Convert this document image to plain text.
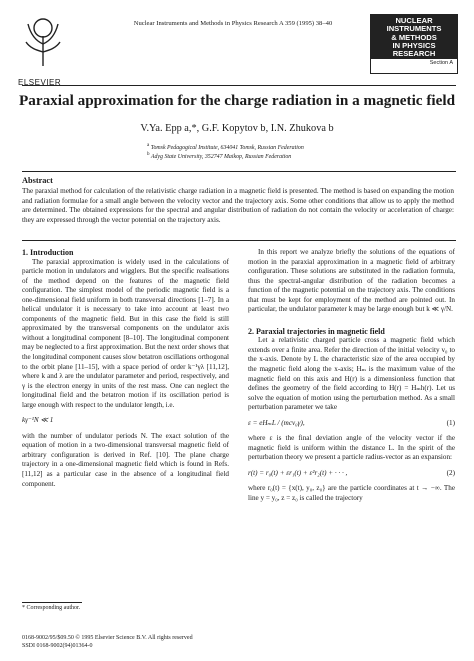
ELSEVIER
Nuclear Instruments and Methods in Physics Research A 359 (1995) 38–40	NUCLEAR
INSTRUMENTS
& METHODS
IN PHYSICS
RESEARCH
Section A
Paraxial approximation for the charge radiation in a magnetic field
V.Ya. Epp a,*, G.F. Kopytov b, I.N. Zhukova b
$^a$ Tomsk Pedagogical Institute, 634041 Tomsk, Russian Federation
$^b$ Adyg State University, 352747 Maikop, Russian Federation
Abstract
The paraxial method for calculation of the relativistic charge radiation in a magnetic field is presented. The method is based on expanding the motion and radiation formulae for a small angle between the velocity vector and the trajectory axis. Some other conditions that allow us to apply the method are determined. The obtained expressions for the spectral and angular distribution of radiation do not contain the velocity or acceleration of charge: they are expressed through the vector potential on the trajectory axis.

1. Introduction

The paraxial approximation is widely used in the calculations of particle motion in undulators and wigglers. But the specific realisations of the method depend on the features of the magnetic field configuration. The simplest model of the periodic magnetic field is a one-dimensional field uniform in both transversal directions [1–7]. In a helical undulator it is necessary to take into account at least two components of the magnetic field. But in this case the field is still approximated by the transversal components on the undulator axis without a longitudinal component [8–10]. The longitudinal component may be neglected to a first approximation. But the next order shows that the longitudinal component causes slow betatron oscillations orthogonal to the orbit plane [11–15], with a space period of order k⁻¹γλ [11,12], where k and λ are the undulator parameter and period, respectively, and γ is the electron energy in units of the rest mass. One can neglect the longitudinal field and the betatron motion if its oscillation period is large enough with respect to the undulator length, i.e.

kγ⁻¹N ≪ 1

with the number of undulator periods N. The exact solution of the equation of motion in a two-dimensional transversal magnetic field of arbitrary configuration is derived in Ref. [10]. The plane charge trajectory in a one-dimensional magnetic field which is found in Refs. [11,12] as a particular case in the absence of a longitudinal field component.

In this report we analyze briefly the solutions of the equations of motion in the paraxial approximation in a magnetic field of arbitrary configuration. These solutions are substituted in the radiation formula, thus the spectral-angular distribution of the radiation becomes a function of the magnetic potential on the trajectory axis. The conditions that must be kept for employment of the method are pointed out. In particular, the undulator parameter k may be large enough but k ≪ γ/N.

2. Paraxial trajectories in magnetic field

Let a relativistic charged particle cross a magnetic field which extends over a finite area. Refer the direction of the initial velocity v₀ to the x-axis. Denote by L the characteristic size of the area occupied by the magnetic field along the x-axis; Hₘ is the maximum value of the magnetic field on this axis and H(r) is a dimensionless function that defines the geometry of the field according to H(r) = Hₘh(r). Let us solve the equation of motion using the perturbation method. As a small perturbation parameter we take

ε = eHₘL / (mcv₀γ),	(1)

where ε is the final deviation angle of the velocity vector if the magnetic field is uniform within the distance L. In the spirit of the perturbation theory we present a particle radius-vector as an expansion:

r(t) = r₀(t) + εr₁(t) + ε²r₂(t) + · · · ,	(2)

where r₀(t) = {x(t), y₀, z₀} are the particle coordinates at t → −∞. The line y = y₀, z = z₀ is called the trajectory

* Corresponding author.
0168-9002/95/$09.50 © 1995 Elsevier Science B.V. All rights reserved
SSDI 0168-9002(94)01364-0
